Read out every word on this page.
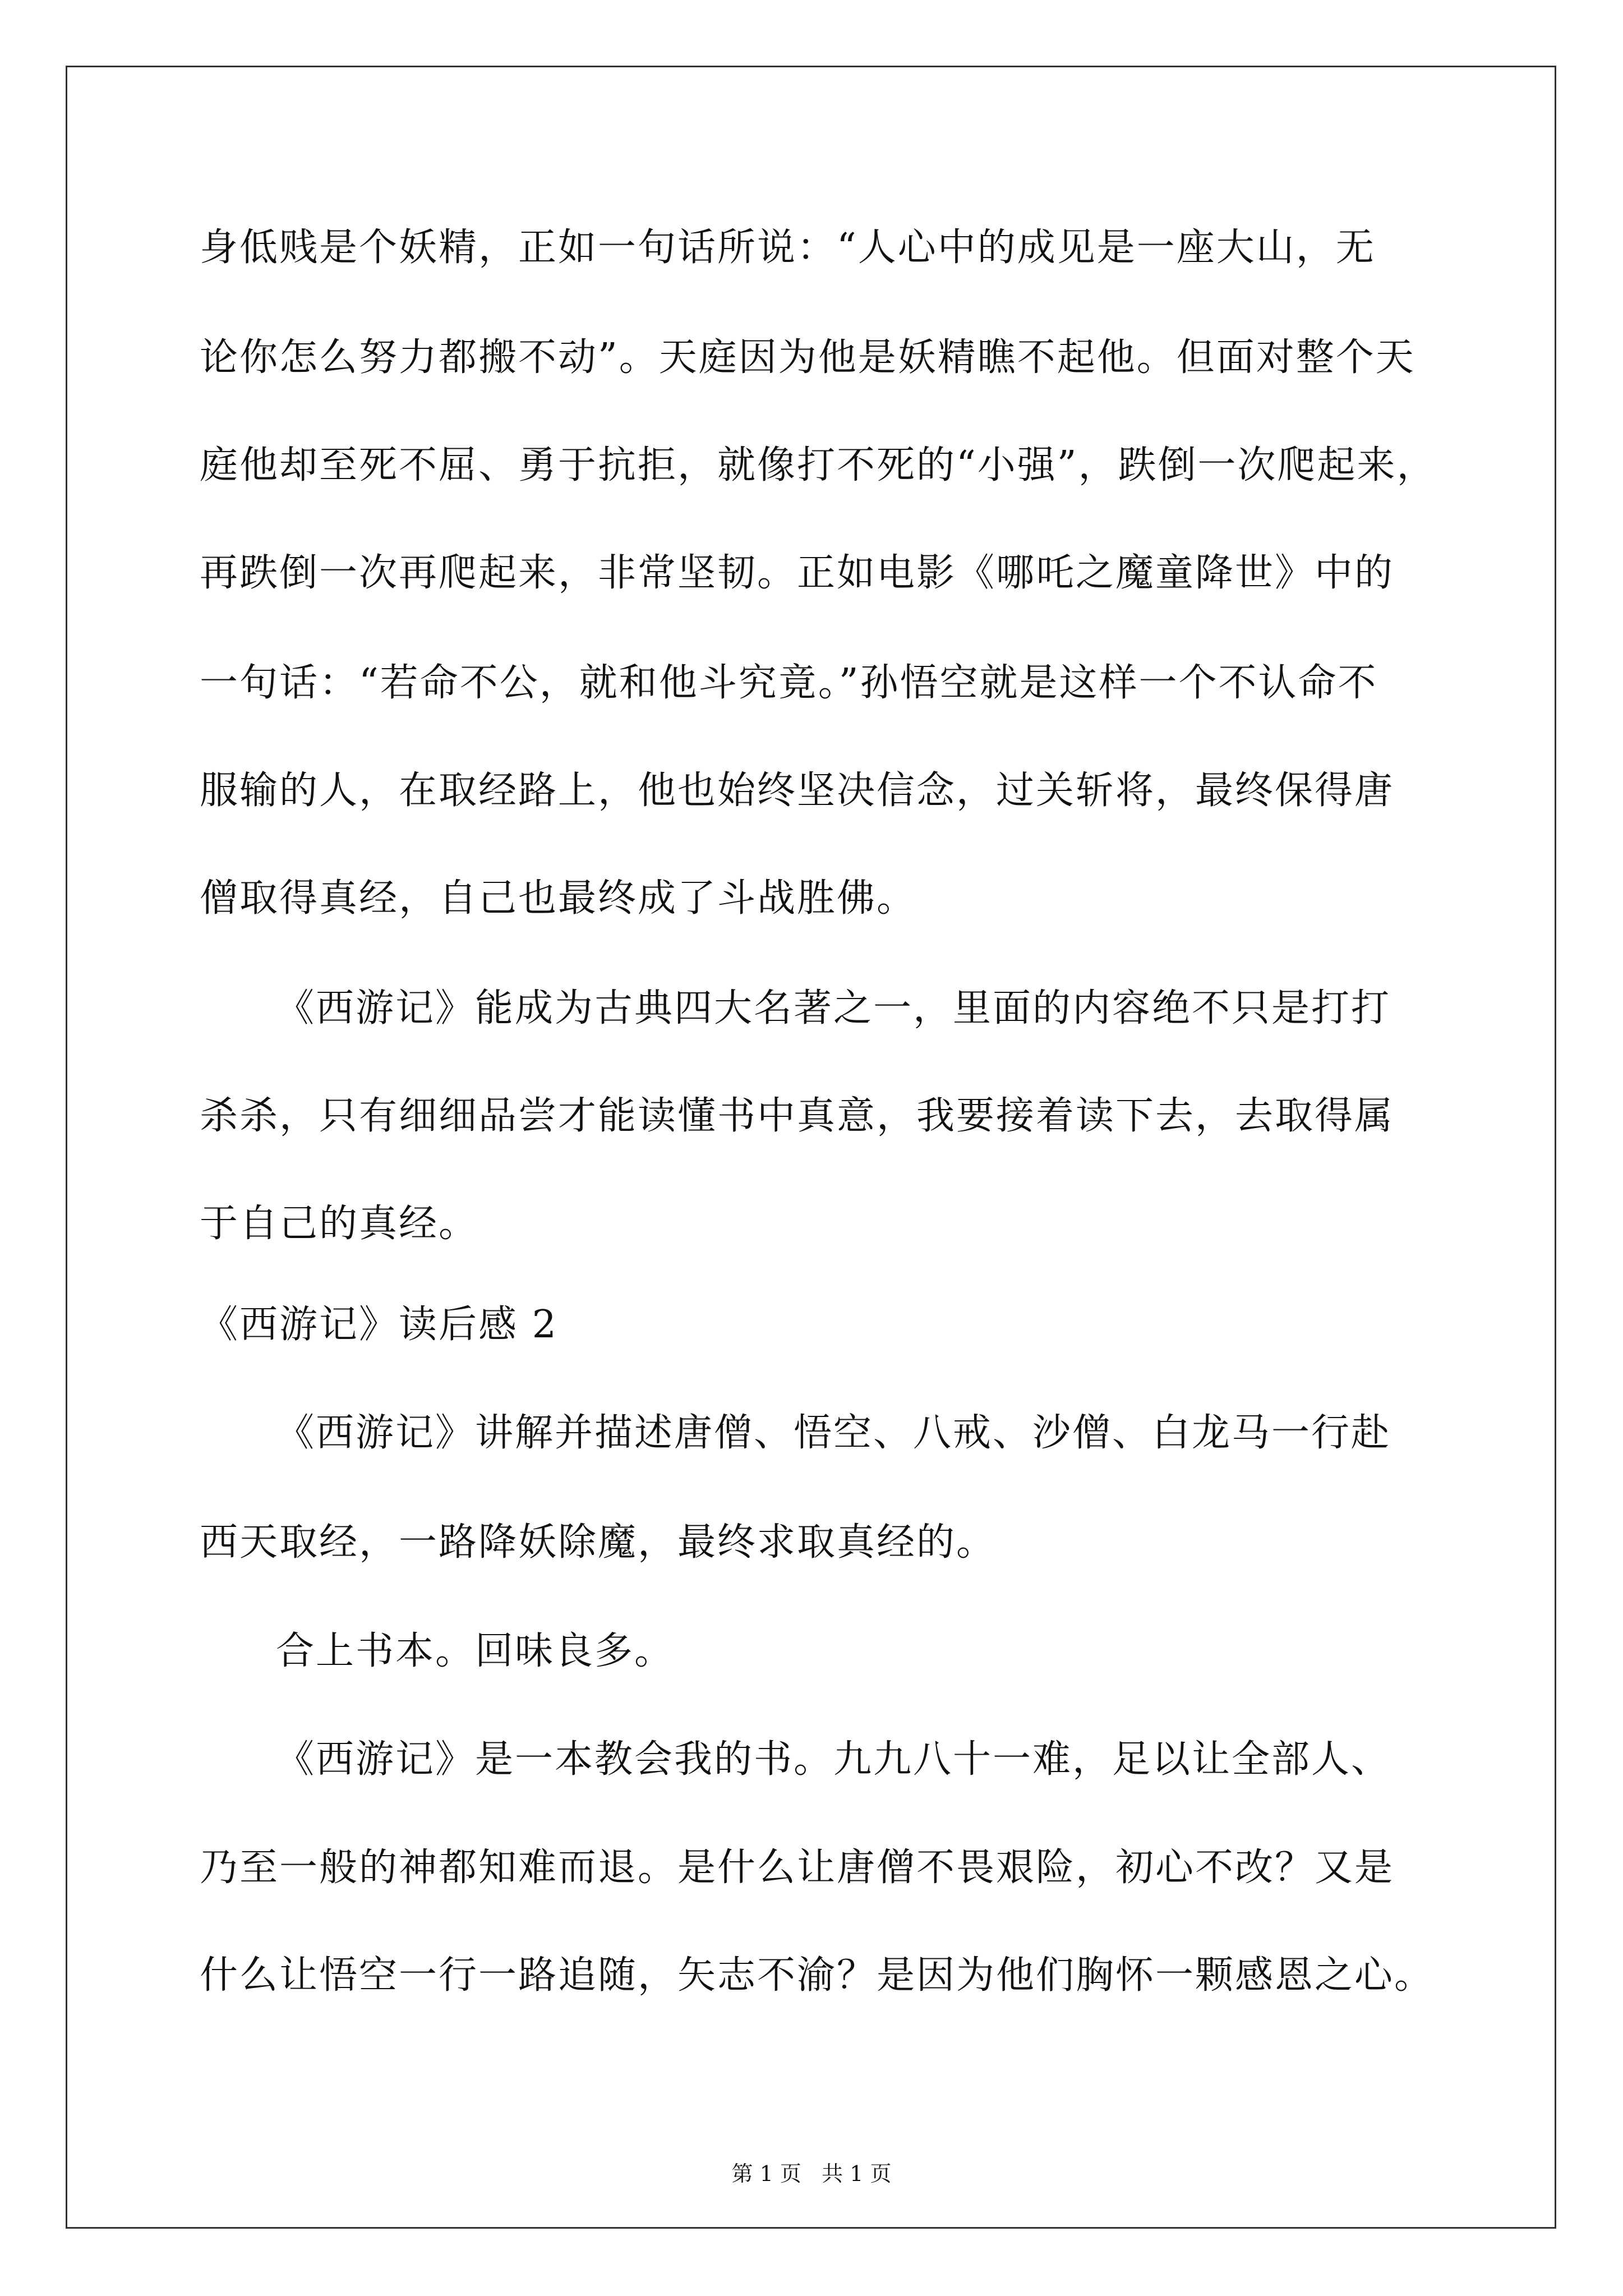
身低贱是个妖精，正如一句话所说：“人心中的成见是一座大山，无
论你怎么努力都搬不动”。天庭因为他是妖精瞧不起他。但面对整个天
庭他却至死不屈、勇于抗拒，就像打不死的“小强”，跌倒一次爬起来，
再跌倒一次再爬起来，非常坚韧。正如电影《哪吒之魔童降世》中的
一句话：“若命不公，就和他斗究竟。”孙悟空就是这样一个不认命不
服输的人，在取经路上，他也始终坚决信念，过关斩将，最终保得唐
僧取得真经，自己也最终成了斗战胜佛。
《西游记》能成为古典四大名著之一，里面的内容绝不只是打打
杀杀，只有细细品尝才能读懂书中真意，我要接着读下去，去取得属
于自己的真经。
《西游记》读后感 2
《西游记》讲解并描述唐僧、悟空、八戒、沙僧、白龙马一行赴
西天取经，一路降妖除魔，最终求取真经的。
合上书本。回味良多。
《西游记》是一本教会我的书。九九八十一难，足以让全部人、
乃至一般的神都知难而退。是什么让唐僧不畏艰险，初心不改？又是
什么让悟空一行一路追随，矢志不渝？是因为他们胸怀一颗感恩之心。
第 1 页   共 1 页
